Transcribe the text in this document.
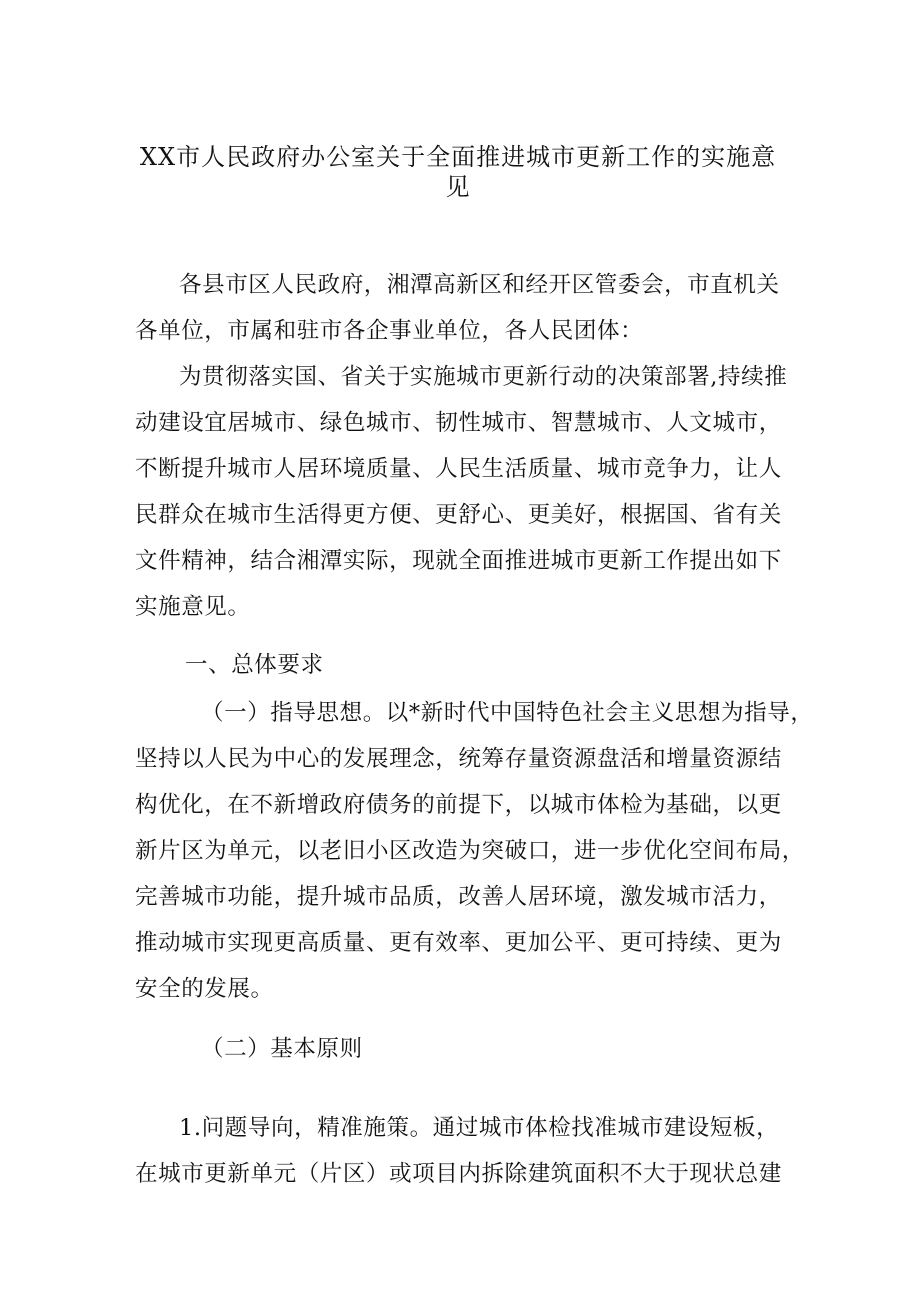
XX市人民政府办公室关于全面推进城市更新工作的实施意
见
各县市区人民政府，湘潭高新区和经开区管委会，市直机关
各单位，市属和驻市各企事业单位，各人民团体：
为贯彻落实国、省关于实施城市更新行动的决策部署,持续推
动建设宜居城市、绿色城市、韧性城市、智慧城市、人文城市，
不断提升城市人居环境质量、人民生活质量、城市竞争力，让人
民群众在城市生活得更方便、更舒心、更美好，根据国、省有关
文件精神，结合湘潭实际，现就全面推进城市更新工作提出如下
实施意见。
一、总体要求
（一）指导思想。以*新时代中国特色社会主义思想为指导，
坚持以人民为中心的发展理念，统筹存量资源盘活和增量资源结
构优化，在不新增政府债务的前提下，以城市体检为基础，以更
新片区为单元，以老旧小区改造为突破口，进一步优化空间布局，
完善城市功能，提升城市品质，改善人居环境，激发城市活力，
推动城市实现更高质量、更有效率、更加公平、更可持续、更为
安全的发展。
（二）基本原则
1.问题导向，精准施策。通过城市体检找准城市建设短板，
在城市更新单元（片区）或项目内拆除建筑面积不大于现状总建
